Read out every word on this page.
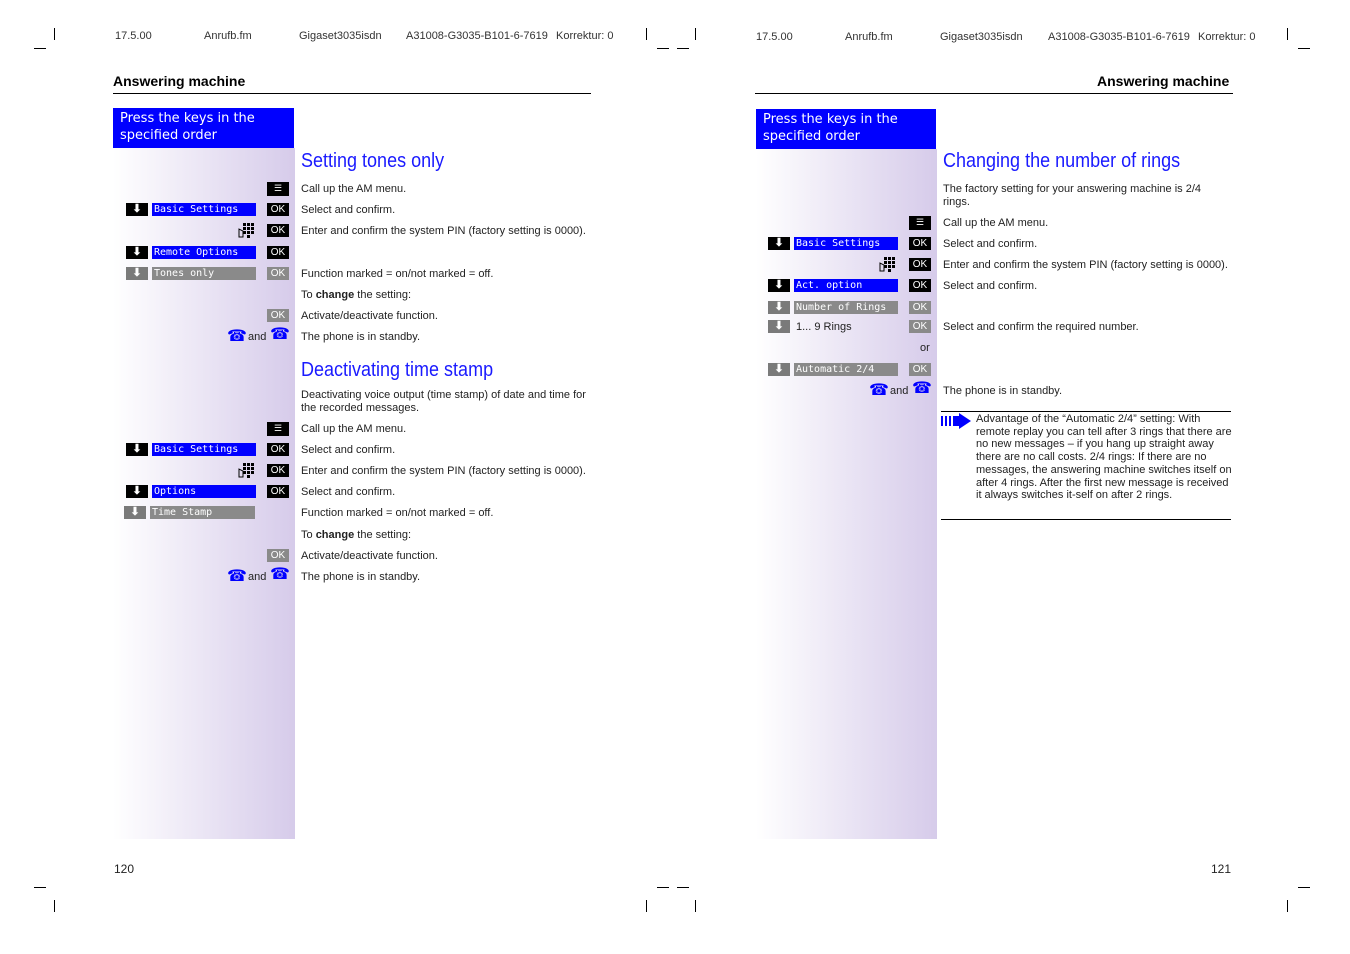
17.5.00	Anrufb.fm	Gigaset3035isdn A31008-G3035-B101-6-7619 Korrektur: 0	17.5.00	Anrufb.fm	Gigaset3035isdn A31008-G3035-B101-6-7619 Korrektur: 0
Answering machine
Press the keys in the specified order
Setting tones only
☰	Call up the AM menu.
⬇	Basic Settings	OK	Select and confirm.
OK	Enter and confirm the system PIN (factory setting is 0000).
⬇	Remote Options	OK
⬇	Tones only	OK	Function marked = on/not marked = off.
To change the setting:
OK	Activate/deactivate function.
☎ and ☎ The phone is in standby.
Deactivating time stamp
Deactivating voice output (time stamp) of date and time for the recorded messages.
☰	Call up the AM menu.
⬇	Basic Settings	OK	Select and confirm.
OK	Enter and confirm the system PIN (factory setting is 0000).
⬇	Options	OK	Select and confirm.
⬇	Time Stamp	Function marked = on/not marked = off.
To change the setting:
OK	Activate/deactivate function.
☎ and ☎ The phone is in standby.
120
Answering machine
Press the keys in the specified order
Changing the number of rings
The factory setting for your answering machine is 2/4 rings.
☰	Call up the AM menu.
⬇	Basic Settings	OK	Select and confirm.
OK	Enter and confirm the system PIN (factory setting is 0000).
⬇	Act. option	OK	Select and confirm.
⬇	Number of Rings	OK
⬇	1... 9 Rings	OK	Select and confirm the required number.
or
⬇	Automatic 2/4	OK
☎ and ☎ The phone is in standby.
Advantage of the “Automatic 2/4” setting: With remote replay you can tell after 3 rings that there are no new messages – if you hang up straight away there are no call costs. 2/4 rings: If there are no messages, the answering machine switches itself on after 4 rings. After the first new message is received it always switches it-self on after 2 rings.
121
